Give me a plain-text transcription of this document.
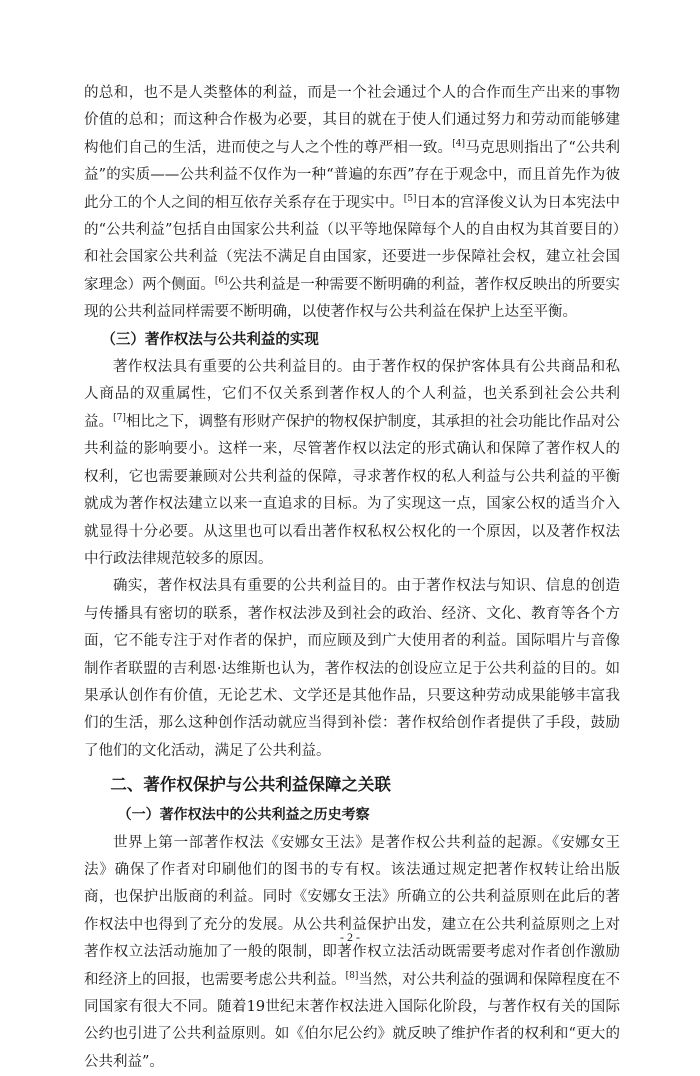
的总和，也不是人类整体的利益，而是一个社会通过个人的合作而生产出来的事物价值的总和；而这种合作极为必要，其目的就在于使人们通过努力和劳动而能够建构他们自己的生活，进而使之与人之个性的尊严相一致。[4]马克思则指出了“公共利益”的实质——公共利益不仅作为一种“普遍的东西”存在于观念中，而且首先作为彼此分工的个人之间的相互依存关系存在于现实中。[5]日本的宫泽俊义认为日本宪法中的“公共利益”包括自由国家公共利益（以平等地保障每个人的自由权为其首要目的）和社会国家公共利益（宪法不满足自由国家，还要进一步保障社会权，建立社会国家理念）两个侧面。[6]公共利益是一种需要不断明确的利益，著作权反映出的所要实现的公共利益同样需要不断明确，以使著作权与公共利益在保护上达至平衡。

（三）著作权法与公共利益的实现

著作权法具有重要的公共利益目的。由于著作权的保护客体具有公共商品和私人商品的双重属性，它们不仅关系到著作权人的个人利益，也关系到社会公共利益。[7]相比之下，调整有形财产保护的物权保护制度，其承担的社会功能比作品对公共利益的影响要小。这样一来，尽管著作权以法定的形式确认和保障了著作权人的权利，它也需要兼顾对公共利益的保障，寻求著作权的私人利益与公共利益的平衡就成为著作权法建立以来一直追求的目标。为了实现这一点，国家公权的适当介入就显得十分必要。从这里也可以看出著作权私权公权化的一个原因，以及著作权法中行政法律规范较多的原因。

确实，著作权法具有重要的公共利益目的。由于著作权法与知识、信息的创造与传播具有密切的联系，著作权法涉及到社会的政治、经济、文化、教育等各个方面，它不能专注于对作者的保护，而应顾及到广大使用者的利益。国际唱片与音像制作者联盟的吉利恩·达维斯也认为，著作权法的创设应立足于公共利益的目的。如果承认创作有价值，无论艺术、文学还是其他作品，只要这种劳动成果能够丰富我们的生活，那么这种创作活动就应当得到补偿：著作权给创作者提供了手段，鼓励了他们的文化活动，满足了公共利益。

二、著作权保护与公共利益保障之关联

（一）著作权法中的公共利益之历史考察

世界上第一部著作权法《安娜女王法》是著作权公共利益的起源。《安娜女王法》确保了作者对印刷他们的图书的专有权。该法通过规定把著作权转让给出版商，也保护出版商的利益。同时《安娜女王法》所确立的公共利益原则在此后的著作权法中也得到了充分的发展。从公共利益保护出发，建立在公共利益原则之上对著作权立法活动施加了一般的限制，即著作权立法活动既需要考虑对作者创作激励和经济上的回报，也需要考虑公共利益。[8]当然，对公共利益的强调和保障程度在不同国家有很大不同。随着19世纪末著作权法进入国际化阶段，与著作权有关的国际公约也引进了公共利益原则。如《伯尔尼公约》就反映了维护作者的权利和“更大的公共利益”。

- 2 -
